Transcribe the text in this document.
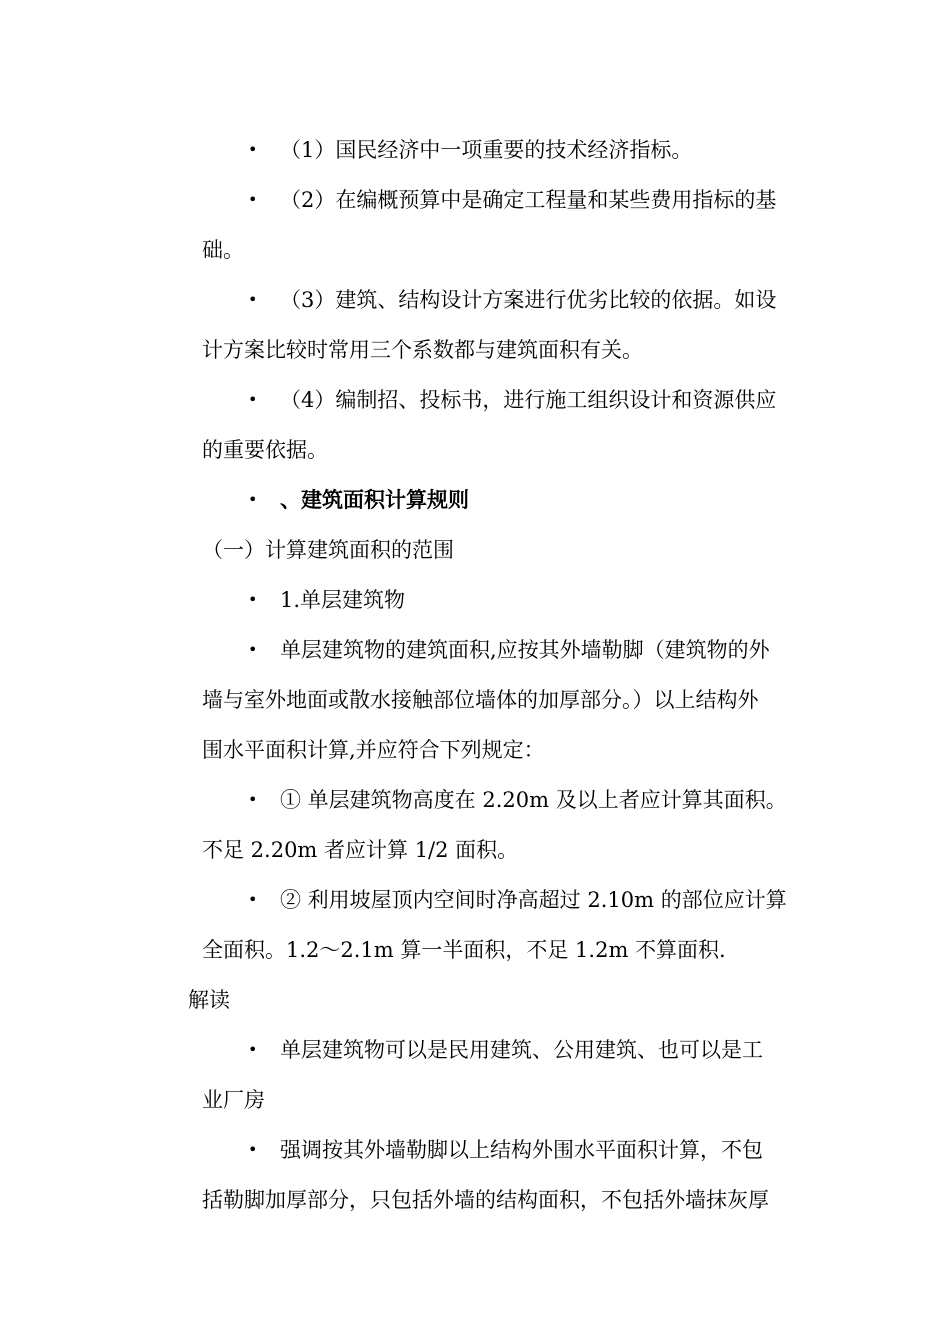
• （1）国民经济中一项重要的技术经济指标。
• （2）在编概预算中是确定工程量和某些费用指标的基
础。
• （3）建筑、结构设计方案进行优劣比较的依据。如设
计方案比较时常用三个系数都与建筑面积有关。
• （4）编制招、投标书，进行施工组织设计和资源供应
的重要依据。
• 、建筑面积计算规则
（一）计算建筑面积的范围
• 1.单层建筑物
• 单层建筑物的建筑面积,应按其外墙勒脚（建筑物的外
墙与室外地面或散水接触部位墙体的加厚部分。）以上结构外
围水平面积计算,并应符合下列规定：
• ① 单层建筑物高度在 2.20m 及以上者应计算其面积。
不足 2.20m 者应计算 1/2 面积。
• ② 利用坡屋顶内空间时净高超过 2.10m 的部位应计算
全面积。1.2～2.1m 算一半面积，不足 1.2m 不算面积.
解读
• 单层建筑物可以是民用建筑、公用建筑、也可以是工
业厂房
• 强调按其外墙勒脚以上结构外围水平面积计算，不包
括勒脚加厚部分，只包括外墙的结构面积，不包括外墙抹灰厚
